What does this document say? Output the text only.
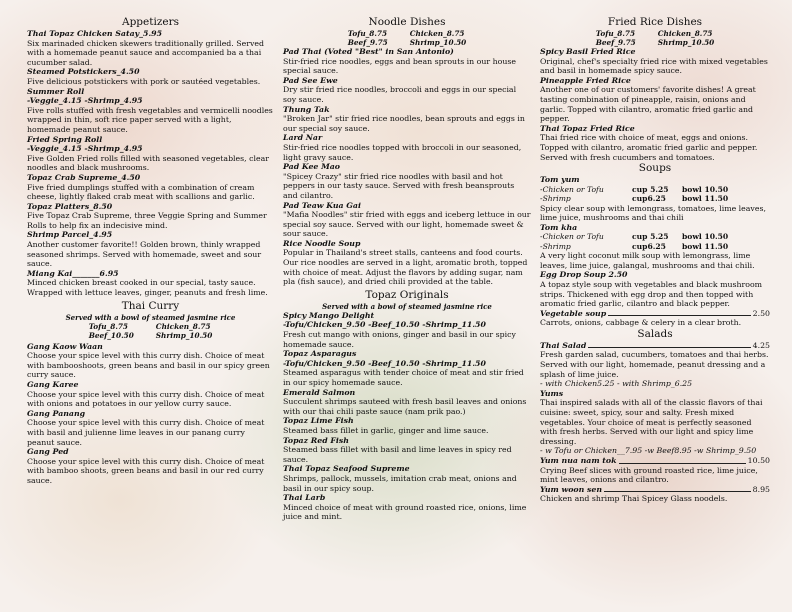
Appetizers
Thai Topaz Chicken Satay_5.95
Six marinaded chicken skewers traditionally grilled. Served with a homemade peanut sauce and accompanied ba a thai cucumber salad.
Steamed Potstickers_4.50
Five delicious potstickers with pork or sautéed vegetables.
Summer Roll
-Veggie_4.15 -Shrimp_4.95
Five rolls stuffed with fresh vegetables and vermicelli noodles wrapped in thin, soft rice paper served with a light, homemade peanut sauce.
Fried Spring Roll
-Veggie_4.15 -Shrimp_4.95
Five Golden Fried rolls filled with seasoned vegetables, clear noodles and black mushrooms.
Topaz Crab Supreme_4.50
Five fried dumplings stuffed with a combination of cream cheese, lightly flaked crab meat with scallions and garlic.
Topaz Platters_8.50
Five Topaz Crab Supreme, three Veggie Spring and Summer Rolls to help fix an indecisive mind.
Shrimp Parcel_4.95
Another customer favorite!! Golden brown, thinly wrapped seasoned shrimps. Served with homemade, sweet and sour sauce.
Miang Kai_______6.95
Minced chicken breast cooked in our special, tasty sauce. Wrapped with lettuce leaves, ginger, peanuts and fresh lime.
Thai Curry
Served with a bowl of steamed jasmine rice
Tofu_8.75	Chicken_8.75
Beef_10.50	Shrimp_10.50
Gang Kaow Waan
Choose your spice level with this curry dish. Choice of meat with bambooshoots, green beans and basil in our spicy green curry sauce.
Gang Karee
Choose your spice level with this curry dish. Choice of meat with onions and potatoes in our yellow curry sauce.
Gang Panang
Choose your spice level with this curry dish. Choice of meat with basil and julienne lime leaves in our panang curry peanut sauce.
Gang Ped
Choose your spice level with this curry dish. Choice of meat with bamboo shoots, green beans and basil in our red curry sauce.
Noodle Dishes
Tofu_8.75	Chicken_8.75
Beef_9.75	Shrimp_10.50
Pad Thai (Voted "Best" in San Antonio)
Stir-fried rice noodles, eggs and bean sprouts in our house special sauce.
Pad See Ewe
Dry stir fried rice noodles, broccoli and eggs in our special soy sauce.
Thung Tak
"Broken Jar" stir fried rice noodles, bean sprouts and eggs in our special soy sauce.
Lard Nar
Stir-fried rice noodles topped with broccoli in our seasoned, light gravy sauce.
Pad Kee Mao
"Spicey Crazy" stir fried rice noodles with basil and hot peppers in our tasty sauce. Served with fresh beansprouts and cilantro.
Pad Teaw Kua Gai
"Mafia Noodles" stir fried with eggs and iceberg lettuce in our special soy sauce. Served with our light, homemade sweet & sour sauce.
Rice Noodle Soup
Popular in Thailand's street stalls, canteens and food courts. Our rice noodles are served in a light, aromatic broth, topped with choice of meat. Adjust the flavors by adding sugar, nam pla (fish sauce), and dried chili provided at the table.
Topaz Originals
Served with a bowl of steamed jasmine rice
Spicy Mango Delight
-Tofu/Chicken_9.50 -Beef_10.50 -Shrimp_11.50
Fresh cut mango with onions, ginger and basil in our spicy homemade sauce.
Topaz Asparagus
-Tofu/Chicken_9.50 -Beef_10.50 -Shrimp_11.50
Steamed asparagus with tender choice of meat and stir fried in our spicy homemade sauce.
Emerald Salmon
Succulent shrimps sauteed with fresh basil leaves and onions with our thai chili paste sauce (nam prik pao.)
Topaz Lime Fish
Steamed bass fillet in garlic, ginger and lime sauce.
Topaz Red Fish
Steamed bass fillet with basil and lime leaves in spicy red sauce.
Thai Topaz Seafood Supreme
Shrimps, pallock, mussels, imitation crab meat, onions and basil in our spicy soup.
Thai Larb
Minced choice of meat with ground roasted rice, onions, lime juice and mint.
Fried Rice Dishes
Tofu_8.75	Chicken_8.75
Beef_9.75	Shrimp_10.50
Spicy Basil Fried Rice
Original, chef's specialty fried rice with mixed vegetables and basil in homemade spicy sauce.
Pineapple Fried Rice
Another one of our customers' favorite dishes! A great tasting combination of pineapple, raisin, onions and garlic. Topped with cilantro, aromatic fried garlic and pepper.
Thai Topaz Fried Rice
Thai fried rice with choice of meat, eggs and onions. Topped with cilantro, aromatic fried garlic and pepper. Served with fresh cucumbers and tomatoes.
Soups
Tom yum
-Chicken or Tofu	cup 5.25	bowl 10.50
-Shrimp	cup6.25	bowl 11.50
Spicy clear soup with lemongrass, tomatoes, lime leaves, lime juice, mushrooms and thai chili
Tom kha
-Chicken or Tofu	cup 5.25	bowl 10.50
-Shrimp	cup6.25	bowl 11.50
A very light coconut milk soup with lemongrass, lime leaves, lime juice, galangal, mushrooms and thai chili.
Egg Drop Soup 2.50
A topaz style soup with vegetables and black mushroom strips. Thickened with egg drop and then topped with aromatic fried garlic, cilantro and black pepper.
Vegetable soup	2.50
Carrots, onions, cabbage & celery in a clear broth.
Salads
Thai Salad	4.25
Fresh garden salad, cucumbers, tomatoes and thai herbs. Served with our light, homemade, peanut dressing and a splash of lime juice.
- with Chicken5.25 - with Shrimp_6.25
Yums
Thai inspired salads with all of the classic flavors of thai cuisine: sweet, spicy, sour and salty. Fresh mixed vegetables. Your choice of meat is perfectly seasoned with fresh herbs. Served with our light and spicy lime dressing.
- w Tofu or Chicken__7.95 -w Beef8.95 -w Shrimp_9.50
Yum nua nam tok	10.50
Crying Beef slices with ground roasted rice, lime juice, mint leaves, onions and cilantro.
Yum woon sen	8.95
Chicken and shrimp Thai Spicey Glass noodels.
